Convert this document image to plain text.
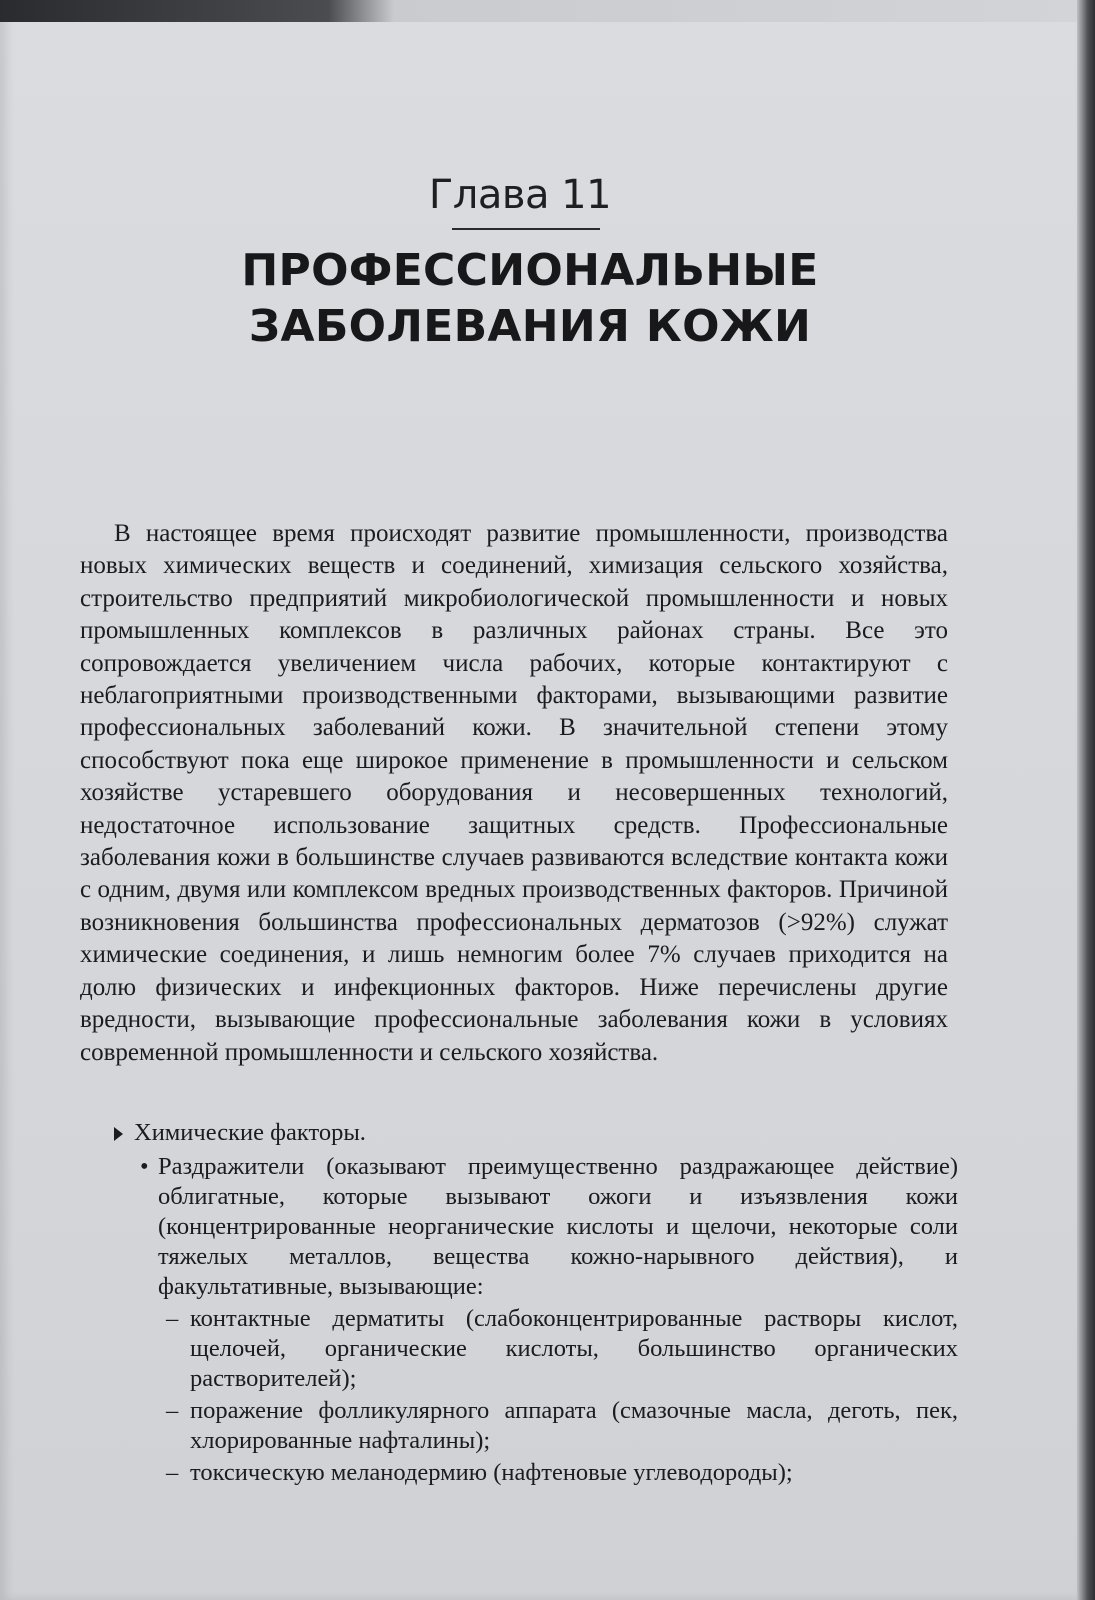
Глава 11
ПРОФЕССИОНАЛЬНЫЕ ЗАБОЛЕВАНИЯ КОЖИ

В настоящее время происходят развитие промышленности, производства новых химических веществ и соединений, химизация сельского хозяйства, строительство предприятий микробиологической промышленности и новых промышленных комплексов в различных районах страны. Все это сопровождается увеличением числа рабочих, которые контактируют с неблагоприятными производственными факторами, вызывающими развитие профессиональных заболеваний кожи. В значительной степени этому способствуют пока еще широкое применение в промышленности и сельском хозяйстве устаревшего оборудования и несовершенных технологий, недостаточное использование защитных средств. Профессиональные заболевания кожи в большинстве случаев развиваются вследствие контакта кожи с одним, двумя или комплексом вредных производственных факторов. Причиной возникновения большинства профессиональных дерматозов (>92%) служат химические соединения, и лишь немногим более 7% случаев приходится на долю физических и инфекционных факторов. Ниже перечислены другие вредности, вызывающие профессиональные заболевания кожи в условиях современной промышленности и сельского хозяйства.

Химические факторы.
• Раздражители (оказывают преимущественно раздражающее действие) облигатные, которые вызывают ожоги и изъязвления кожи (концентрированные неорганические кислоты и щелочи, некоторые соли тяжелых металлов, вещества кожно-нарывного действия), и факультативные, вызывающие:
– контактные дерматиты (слабоконцентрированные растворы кислот, щелочей, органические кислоты, большинство органических растворителей);
– поражение фолликулярного аппарата (смазочные масла, деготь, пек, хлорированные нафталины);
– токсическую меланодермию (нафтеновые углеводороды);
